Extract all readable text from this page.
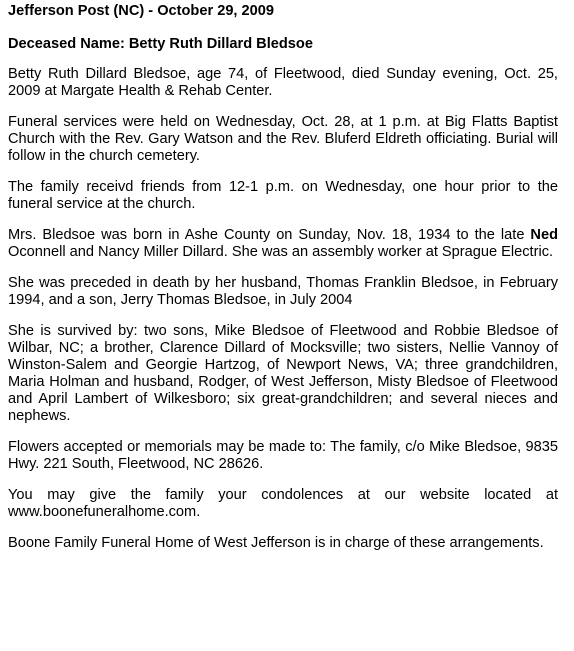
Jefferson Post (NC) - October 29, 2009

Deceased Name: Betty Ruth Dillard Bledsoe

Betty Ruth Dillard Bledsoe, age 74, of Fleetwood, died Sunday evening, Oct. 25, 2009 at Margate Health & Rehab Center.

Funeral services were held on Wednesday, Oct. 28, at 1 p.m. at Big Flatts Baptist Church with the Rev. Gary Watson and the Rev. Bluferd Eldreth officiating. Burial will follow in the church cemetery.

The family receivd friends from 12-1 p.m. on Wednesday, one hour prior to the funeral service at the church.

Mrs. Bledsoe was born in Ashe County on Sunday, Nov. 18, 1934 to the late Ned Oconnell and Nancy Miller Dillard. She was an assembly worker at Sprague Electric.

She was preceded in death by her husband, Thomas Franklin Bledsoe, in February 1994, and a son, Jerry Thomas Bledsoe, in July 2004

She is survived by: two sons, Mike Bledsoe of Fleetwood and Robbie Bledsoe of Wilbar, NC; a brother, Clarence Dillard of Mocksville; two sisters, Nellie Vannoy of Winston-Salem and Georgie Hartzog, of Newport News, VA; three grandchildren, Maria Holman and husband, Rodger, of West Jefferson, Misty Bledsoe of Fleetwood and April Lambert of Wilkesboro; six great-grandchildren; and several nieces and nephews.

Flowers accepted or memorials may be made to: The family, c/o Mike Bledsoe, 9835 Hwy. 221 South, Fleetwood, NC 28626.

You may give the family your condolences at our website located at www.boonefuneralhome.com.

Boone Family Funeral Home of West Jefferson is in charge of these arrangements.
